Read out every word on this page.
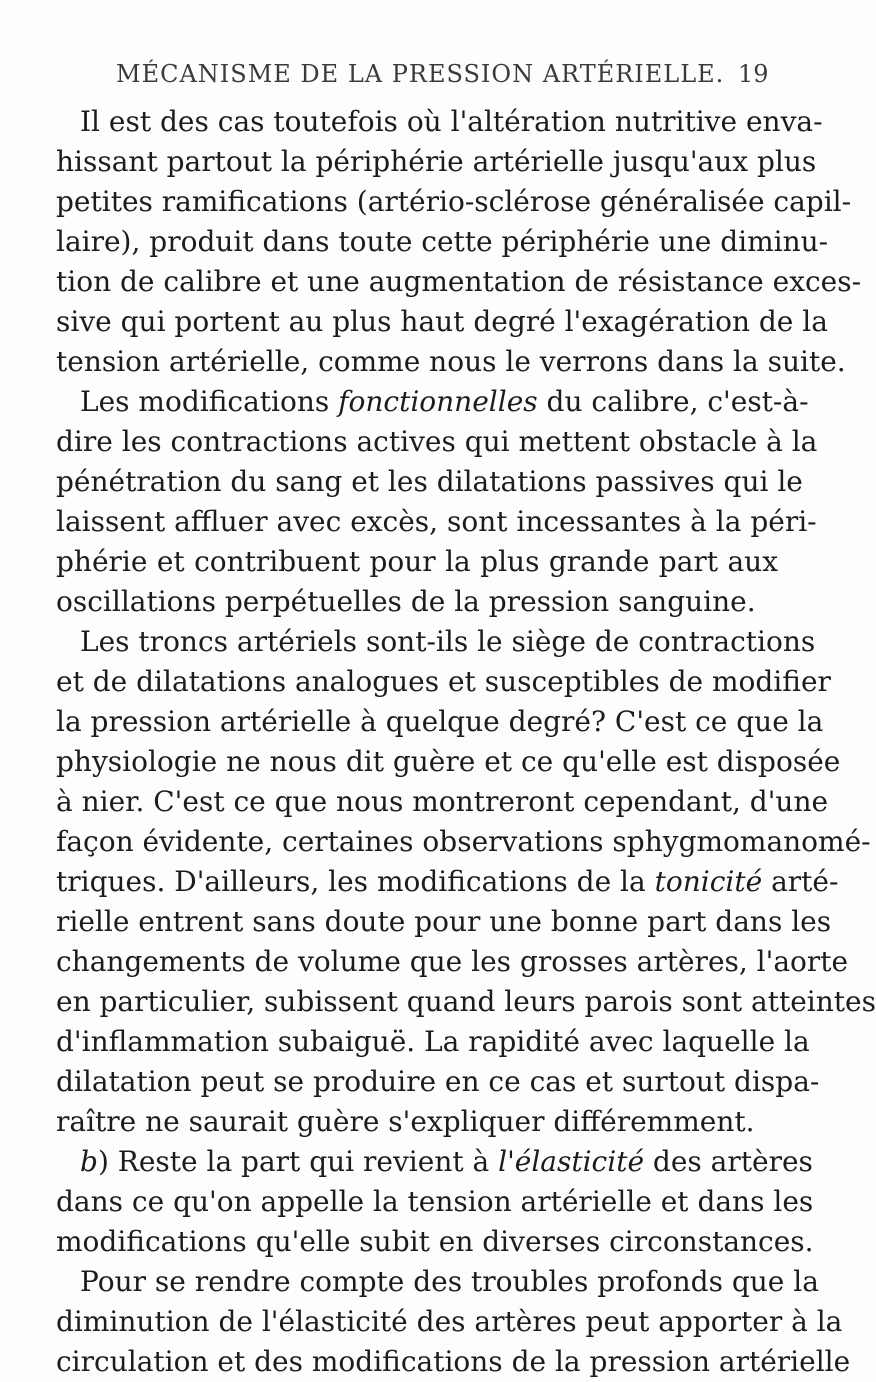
MÉCANISME DE LA PRESSION ARTÉRIELLE. 19
Il est des cas toutefois où l'altération nutritive enva-
hissant partout la périphérie artérielle jusqu'aux plus
petites ramifications (artério-sclérose généralisée capil-
laire), produit dans toute cette périphérie une diminu-
tion de calibre et une augmentation de résistance exces-
sive qui portent au plus haut degré l'exagération de la
tension artérielle, comme nous le verrons dans la suite.
Les modifications fonctionnelles du calibre, c'est-à-
dire les contractions actives qui mettent obstacle à la
pénétration du sang et les dilatations passives qui le
laissent affluer avec excès, sont incessantes à la péri-
phérie et contribuent pour la plus grande part aux
oscillations perpétuelles de la pression sanguine.
Les troncs artériels sont-ils le siège de contractions
et de dilatations analogues et susceptibles de modifier
la pression artérielle à quelque degré? C'est ce que la
physiologie ne nous dit guère et ce qu'elle est disposée
à nier. C'est ce que nous montreront cependant, d'une
façon évidente, certaines observations sphygmomanomé-
triques. D'ailleurs, les modifications de la tonicité arté-
rielle entrent sans doute pour une bonne part dans les
changements de volume que les grosses artères, l'aorte
en particulier, subissent quand leurs parois sont atteintes
d'inflammation subaiguë. La rapidité avec laquelle la
dilatation peut se produire en ce cas et surtout dispa-
raître ne saurait guère s'expliquer différemment.
b) Reste la part qui revient à l'élasticité des artères
dans ce qu'on appelle la tension artérielle et dans les
modifications qu'elle subit en diverses circonstances.
Pour se rendre compte des troubles profonds que la
diminution de l'élasticité des artères peut apporter à la
circulation et des modifications de la pression artérielle
